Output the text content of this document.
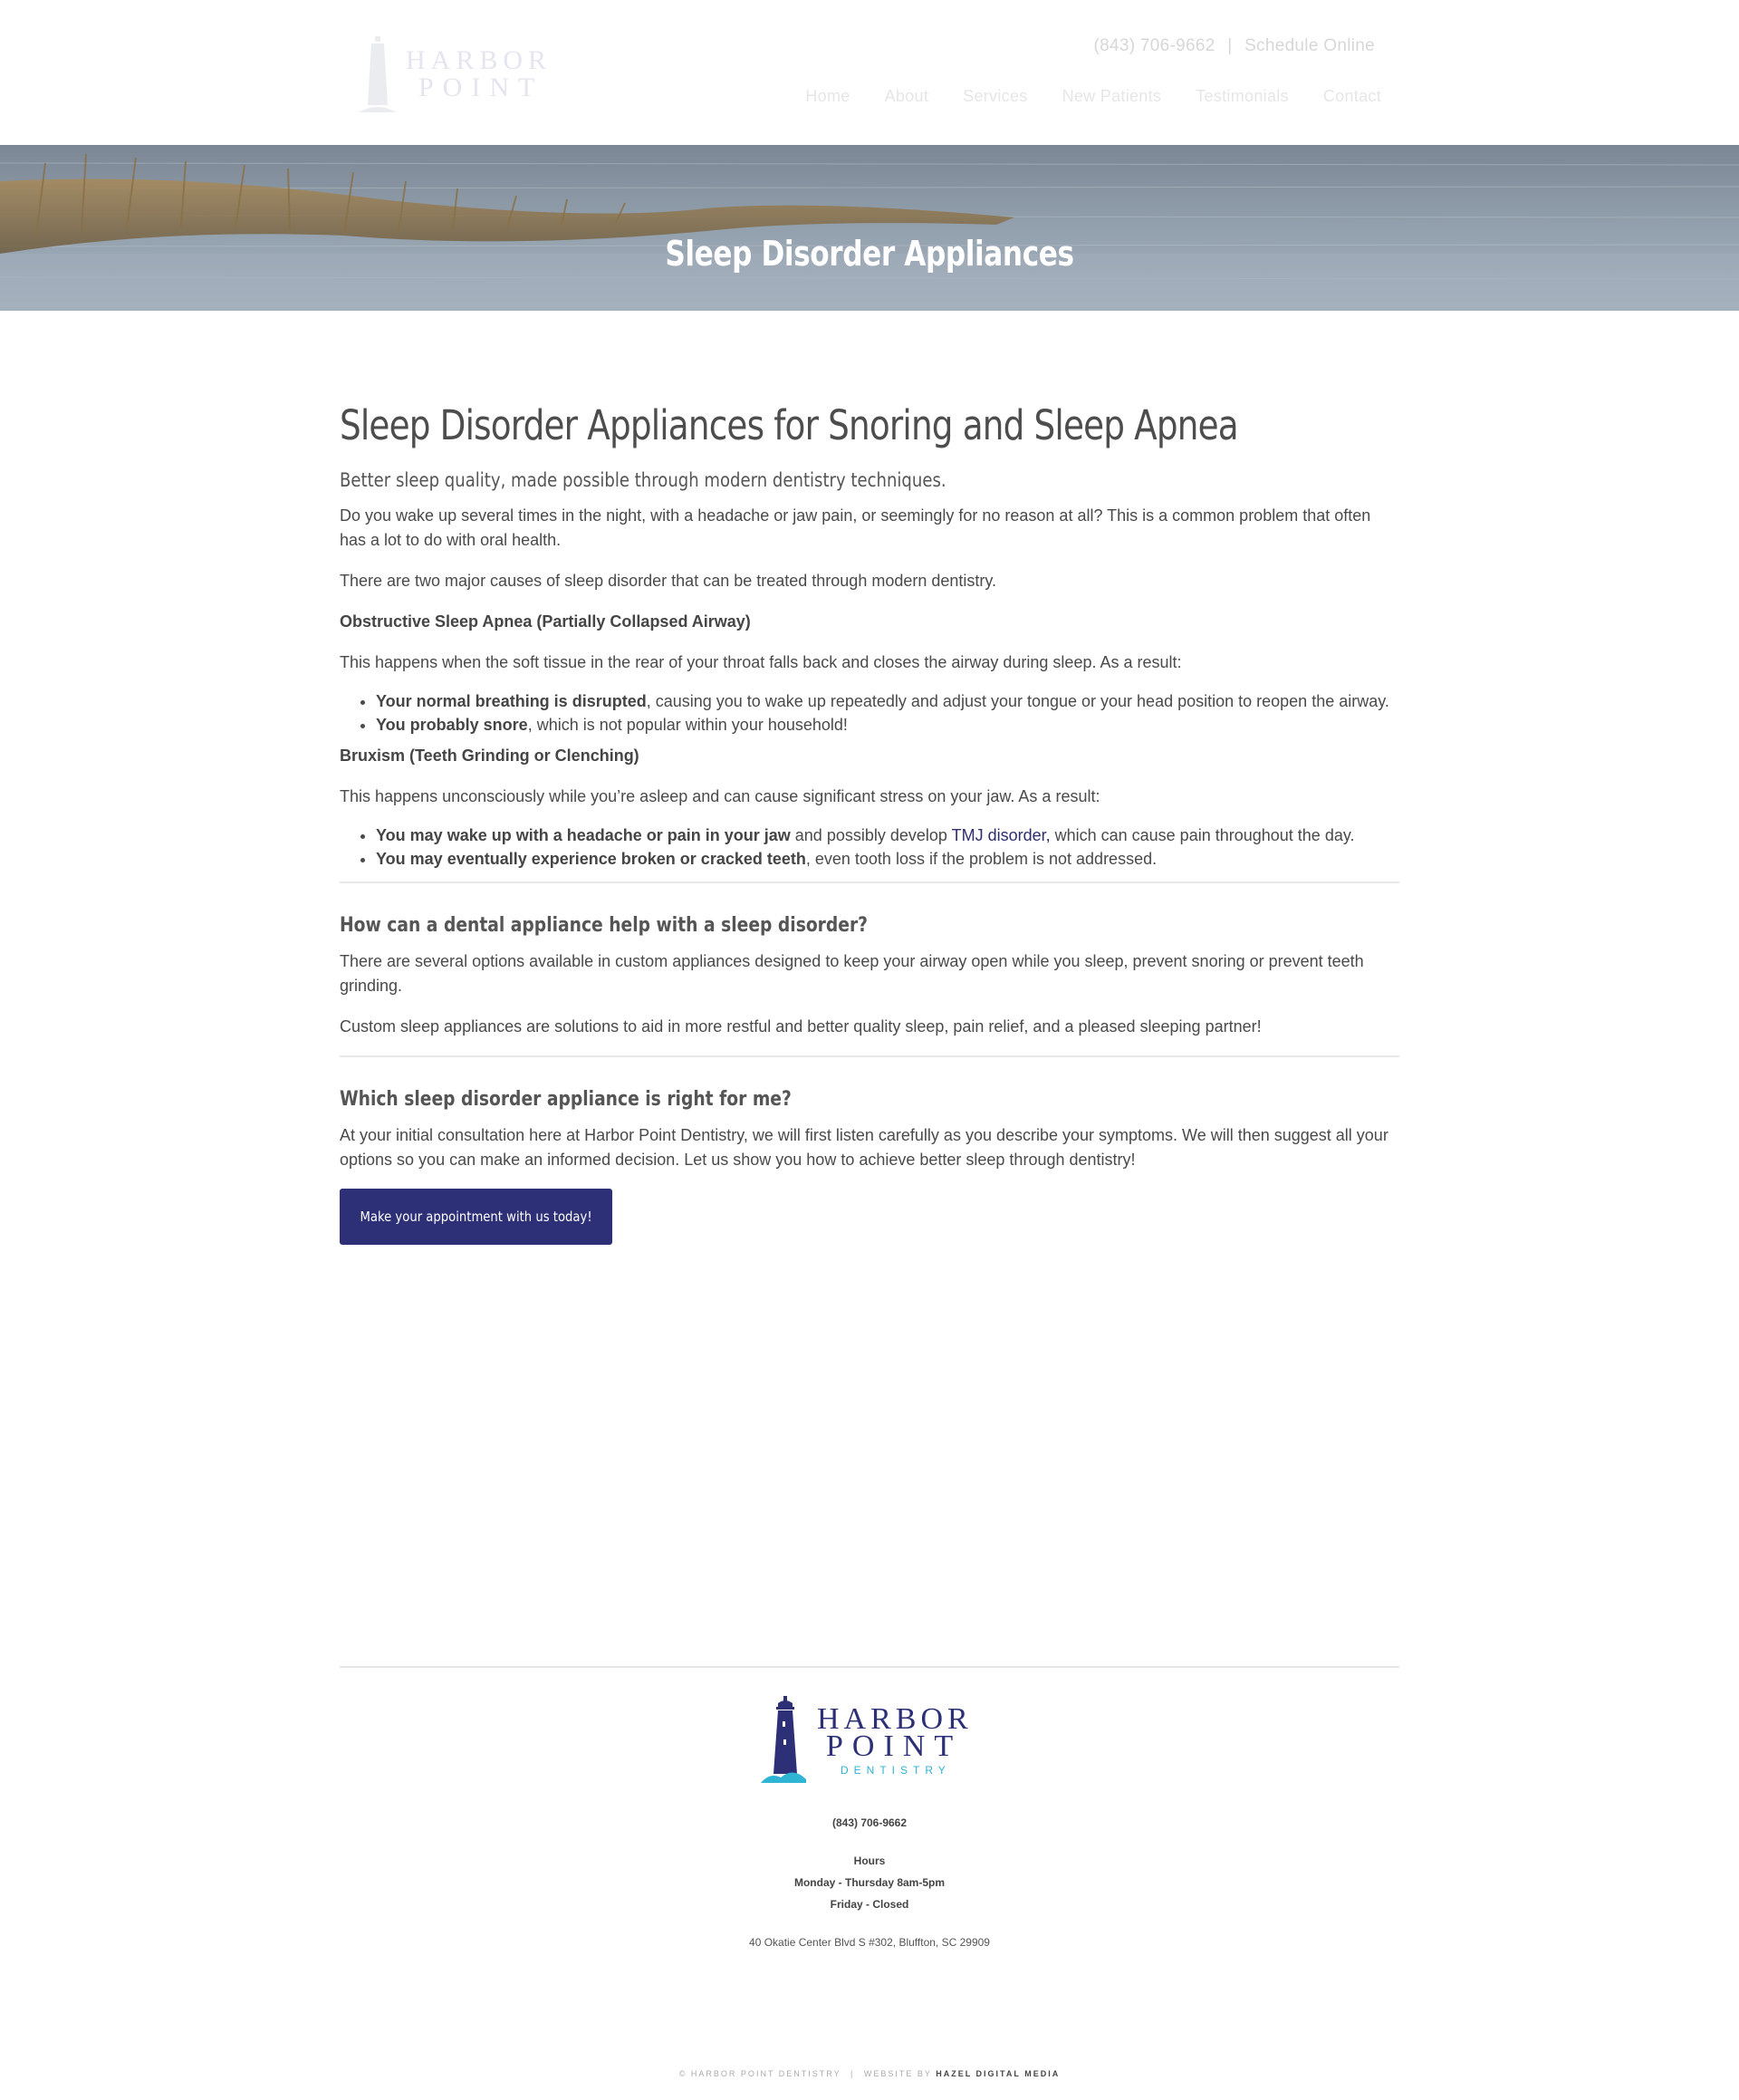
HARBOR
POINT
(843) 706-9662 | Schedule Online
Home About Services New Patients Testimonials Contact
Sleep Disorder Appliances
Sleep Disorder Appliances for Snoring and Sleep Apnea

Better sleep quality, made possible through modern dentistry techniques.

Do you wake up several times in the night, with a headache or jaw pain, or seemingly for no reason at all? This is a common problem that often has a lot to do with oral health.

There are two major causes of sleep disorder that can be treated through modern dentistry.

Obstructive Sleep Apnea (Partially Collapsed Airway)

This happens when the soft tissue in the rear of your throat falls back and closes the airway during sleep. As a result:

• Your normal breathing is disrupted, causing you to wake up repeatedly and adjust your tongue or your head position to reopen the airway.
• You probably snore, which is not popular within your household!

Bruxism (Teeth Grinding or Clenching)

This happens unconsciously while you’re asleep and can cause significant stress on your jaw. As a result:

• You may wake up with a headache or pain in your jaw and possibly develop TMJ disorder, which can cause pain throughout the day.
• You may eventually experience broken or cracked teeth, even tooth loss if the problem is not addressed.
How can a dental appliance help with a sleep disorder?

There are several options available in custom appliances designed to keep your airway open while you sleep, prevent snoring or prevent teeth grinding.

Custom sleep appliances are solutions to aid in more restful and better quality sleep, pain relief, and a pleased sleeping partner!

Which sleep disorder appliance is right for me?

At your initial consultation here at Harbor Point Dentistry, we will first listen carefully as you describe your symptoms. We will then suggest all your options so you can make an informed decision. Let us show you how to achieve better sleep through dentistry!

Make your appointment with us today!
HARBOR
POINT
DENTISTRY
(843) 706-9662
Hours
Monday - Thursday 8am-5pm
Friday - Closed
40 Okatie Center Blvd S #302, Bluffton, SC 29909
© HARBOR POINT DENTISTRY | WEBSITE BY HAZEL DIGITAL MEDIA
